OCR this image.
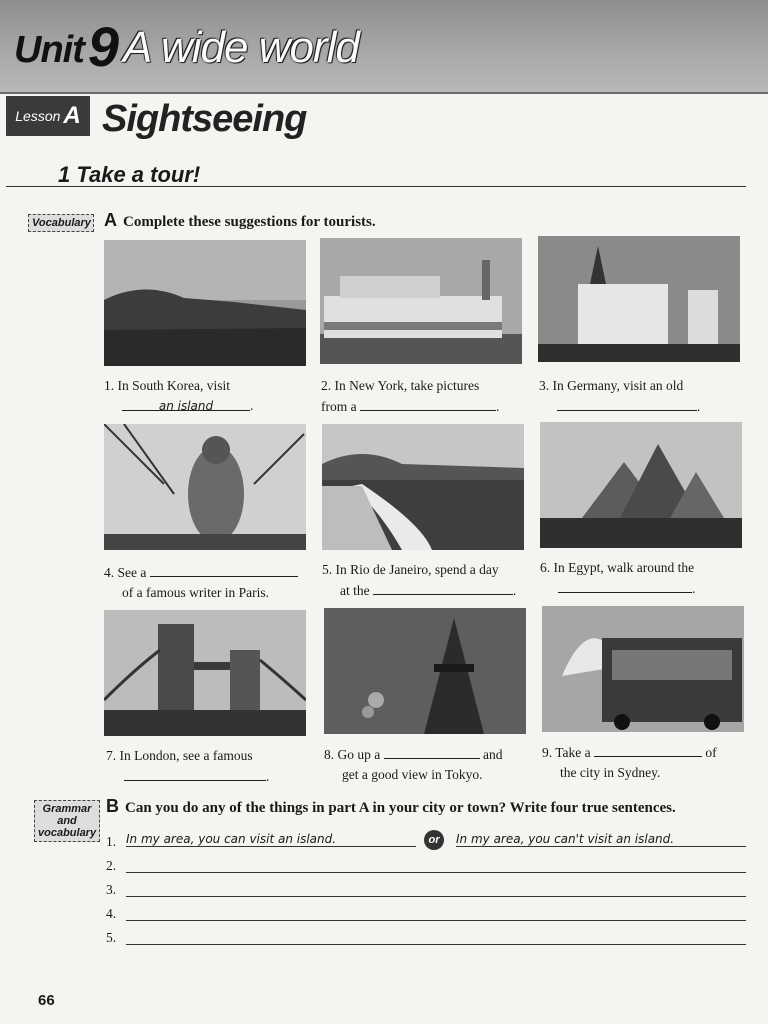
Unit9A wide world
Lesson A Sightseeing
1 Take a tour!
Vocabulary A Complete these suggestions for tourists.
1. In South Korea, visit
an island	.
2. In New York, take pictures
from a	.
3. In Germany, visit an old
.
4. See a
of a famous writer in Paris.
5. In Rio de Janeiro, spend a day
at the	.
6. In Egypt, walk around the
.
7. In London, see a famous
.
8. Go up a	and
get a good view in Tokyo.
9. Take a	of
the city in Sydney.
Grammar
and
vocabulary
B Can you do any of the things in part A in your city or town? Write four true sentences.
1. In my area, you can visit an island.	In my area, you can't visit an island.
or
2.
3.
4.
5.
66
